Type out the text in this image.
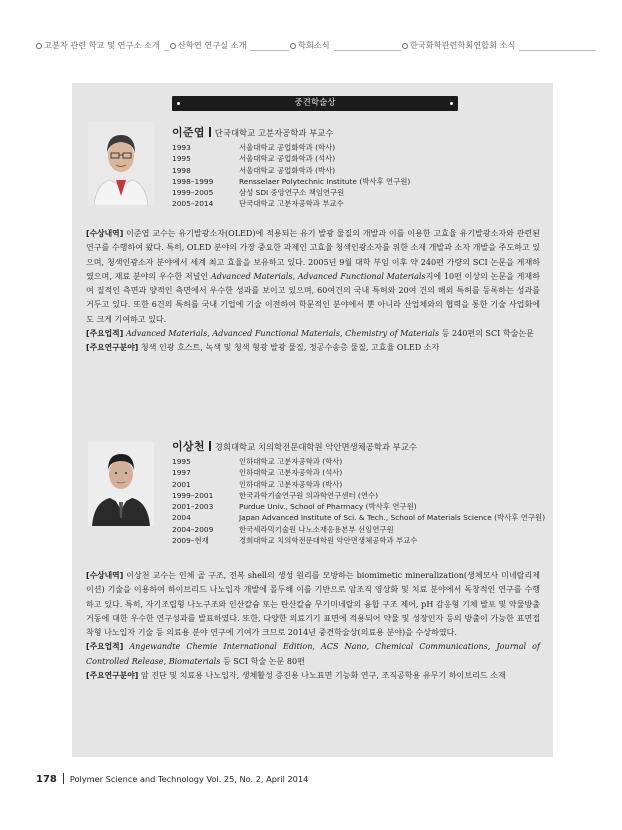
고분자 관련 학교 및 연구소 소개	산학연 연구실 소개	학회소식	한국화학관련학회연합회 소식
중견학술상
이준엽 단국대학교 고분자공학과 부교수
1993	서울대학교 공업화학과 (학사)
1995	서울대학교 공업화학과 (석사)
1998	서울대학교 공업화학과 (박사)
1998–1999	Rensselaer Polytechnic Institute (박사후 연구원)
1999–2005	삼성 SDI 중앙연구소 책임연구원
2005–2014	단국대학교 고분자공학과 부교수

[수상내역] 이준엽 교수는 유기발광소자(OLED)에 적용되는 유기 발광 물질의 개발과 이를 이용한 고효율 유기발광소자와 관련된 연구를 수행하여 왔다. 특히, OLED 분야의 가장 중요한 과제인 고효율 청색인광소자를 위한 소재 개발과 소자 개발을 주도하고 있으며, 청색인광소자 분야에서 세계 최고 효율을 보유하고 있다. 2005년 9월 대학 부임 이후 약 240편 가량의 SCI 논문을 게재하였으며, 재료 분야의 우수한 저널인 Advanced Materials, Advanced Functional Materials지에 10편 이상의 논문을 게재하여 질적인 측면과 양적인 측면에서 우수한 성과를 보이고 있으며, 60여건의 국내 특허와 20여 건의 해외 특허를 등록하는 성과를 거두고 있다. 또한 6건의 특허를 국내 기업에 기술 이전하여 학문적인 분야에서 뿐 아니라 산업체와의 협력을 통한 기술 사업화에도 크게 기여하고 있다.

[주요업적] Advanced Materials, Advanced Functional Materials, Chemistry of Materials 등 240편의 SCI 학술논문

[주요연구분야] 청색 인광 호스트, 녹색 및 청색 형광 발광 물질, 정공수송층 물질, 고효율 OLED 소자

이상천 경희대학교 치의학전문대학원 악안면생체공학과 부교수
1995	인하대학교 고분자공학과 (학사)
1997	인하대학교 고분자공학과 (석사)
2001	인하대학교 고분자공학과 (박사)
1999–2001	한국과학기술연구원 의과학연구센터 (연수)
2001–2003	Purdue Univ., School of Pharmacy (박사후 연구원)
2004	Japan Advanced Institute of Sci. & Tech., School of Materials Science (박사후 연구원)
2004–2009	한국세라믹기술원 나노소재응용본부 선임연구원
2009–현재	경희대학교 치의학전문대학원 악안면생체공학과 부교수

[수상내역] 이상천 교수는 인체 골 구조, 전복 shell의 생성 원리를 모방하는 biomimetic mineralization(생체모사 미네랄리제이션) 기술을 이용하여 하이브리드 나노입자 개발에 몰두해 이를 기반으로 암조직 영상화 및 치료 분야에서 독창적인 연구를 수행하고 있다. 특히, 자기조립형 나노구조와 인산칼슘 또는 탄산칼슘 무기미네랄의 융합 구조 제어, pH 감응형 기체 발포 및 약물방출 거동에 대한 우수한 연구성과를 발표하였다. 또한, 다양한 의료기기 표면에 적용되어 약물 및 성장인자 등의 방출이 가능한 표면접착형 나노입자 기술 등 의료용 분야 연구에 기여가 크므로 2014년 중견학술상(의료용 분야)을 수상하였다.

[주요업적] Angewandte Chemie International Edition, ACS Nano, Chemical Communications, Journal of Controlled Release, Biomaterials 등 SCI 학술 논문 80편

[주요연구분야] 암 진단 및 치료용 나노입자, 생체활성 증진용 나노표면 기능화 연구, 조직공학용 유무기 하이브리드 소재

178 Polymer Science and Technology Vol. 25, No. 2, April 2014
